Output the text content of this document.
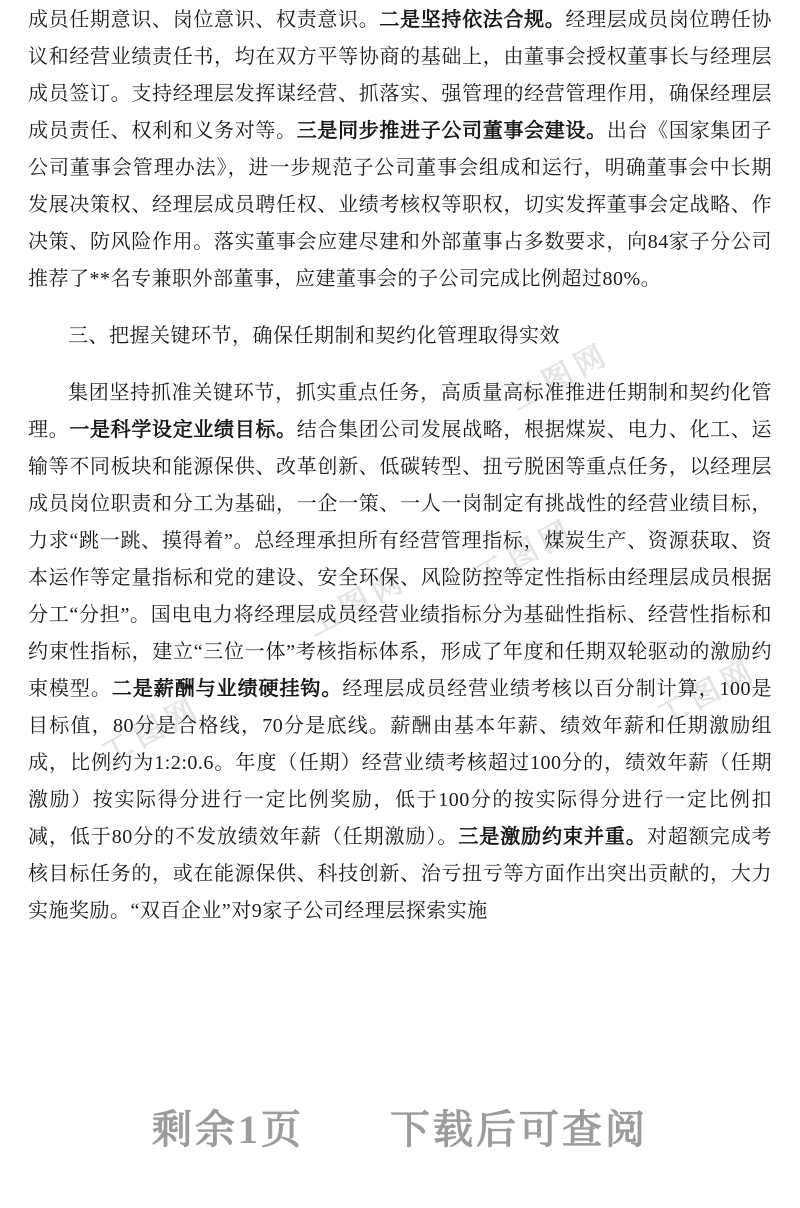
工图网
工图网
工图网
工图网
工图网

成员任期意识、岗位意识、权责意识。二是坚持依法合规。经理层成员岗位聘任协议和经营业绩责任书，均在双方平等协商的基础上，由董事会授权董事长与经理层成员签订。支持经理层发挥谋经营、抓落实、强管理的经营管理作用，确保经理层成员责任、权利和义务对等。三是同步推进子公司董事会建设。出台《国家集团子公司董事会管理办法》，进一步规范子公司董事会组成和运行，明确董事会中长期发展决策权、经理层成员聘任权、业绩考核权等职权，切实发挥董事会定战略、作决策、防风险作用。落实董事会应建尽建和外部董事占多数要求，向84家子分公司推荐了**名专兼职外部董事，应建董事会的子公司完成比例超过80%。

三、把握关键环节，确保任期制和契约化管理取得实效

集团坚持抓准关键环节，抓实重点任务，高质量高标准推进任期制和契约化管理。一是科学设定业绩目标。结合集团公司发展战略，根据煤炭、电力、化工、运输等不同板块和能源保供、改革创新、低碳转型、扭亏脱困等重点任务，以经理层成员岗位职责和分工为基础，一企一策、一人一岗制定有挑战性的经营业绩目标，力求“跳一跳、摸得着”。总经理承担所有经营管理指标，煤炭生产、资源获取、资本运作等定量指标和党的建设、安全环保、风险防控等定性指标由经理层成员根据分工“分担”。国电电力将经理层成员经营业绩指标分为基础性指标、经营性指标和约束性指标，建立“三位一体”考核指标体系，形成了年度和任期双轮驱动的激励约束模型。二是薪酬与业绩硬挂钩。经理层成员经营业绩考核以百分制计算，100是目标值，80分是合格线，70分是底线。薪酬由基本年薪、绩效年薪和任期激励组成，比例约为1:2:0.6。年度（任期）经营业绩考核超过100分的，绩效年薪（任期激励）按实际得分进行一定比例奖励，低于100分的按实际得分进行一定比例扣减，低于80分的不发放绩效年薪（任期激励）。三是激励约束并重。对超额完成考核目标任务的，或在能源保供、科技创新、治亏扭亏等方面作出突出贡献的，大力实施奖励。“双百企业”对9家子公司经理层探索实施

剩余1页 下载后可查阅
